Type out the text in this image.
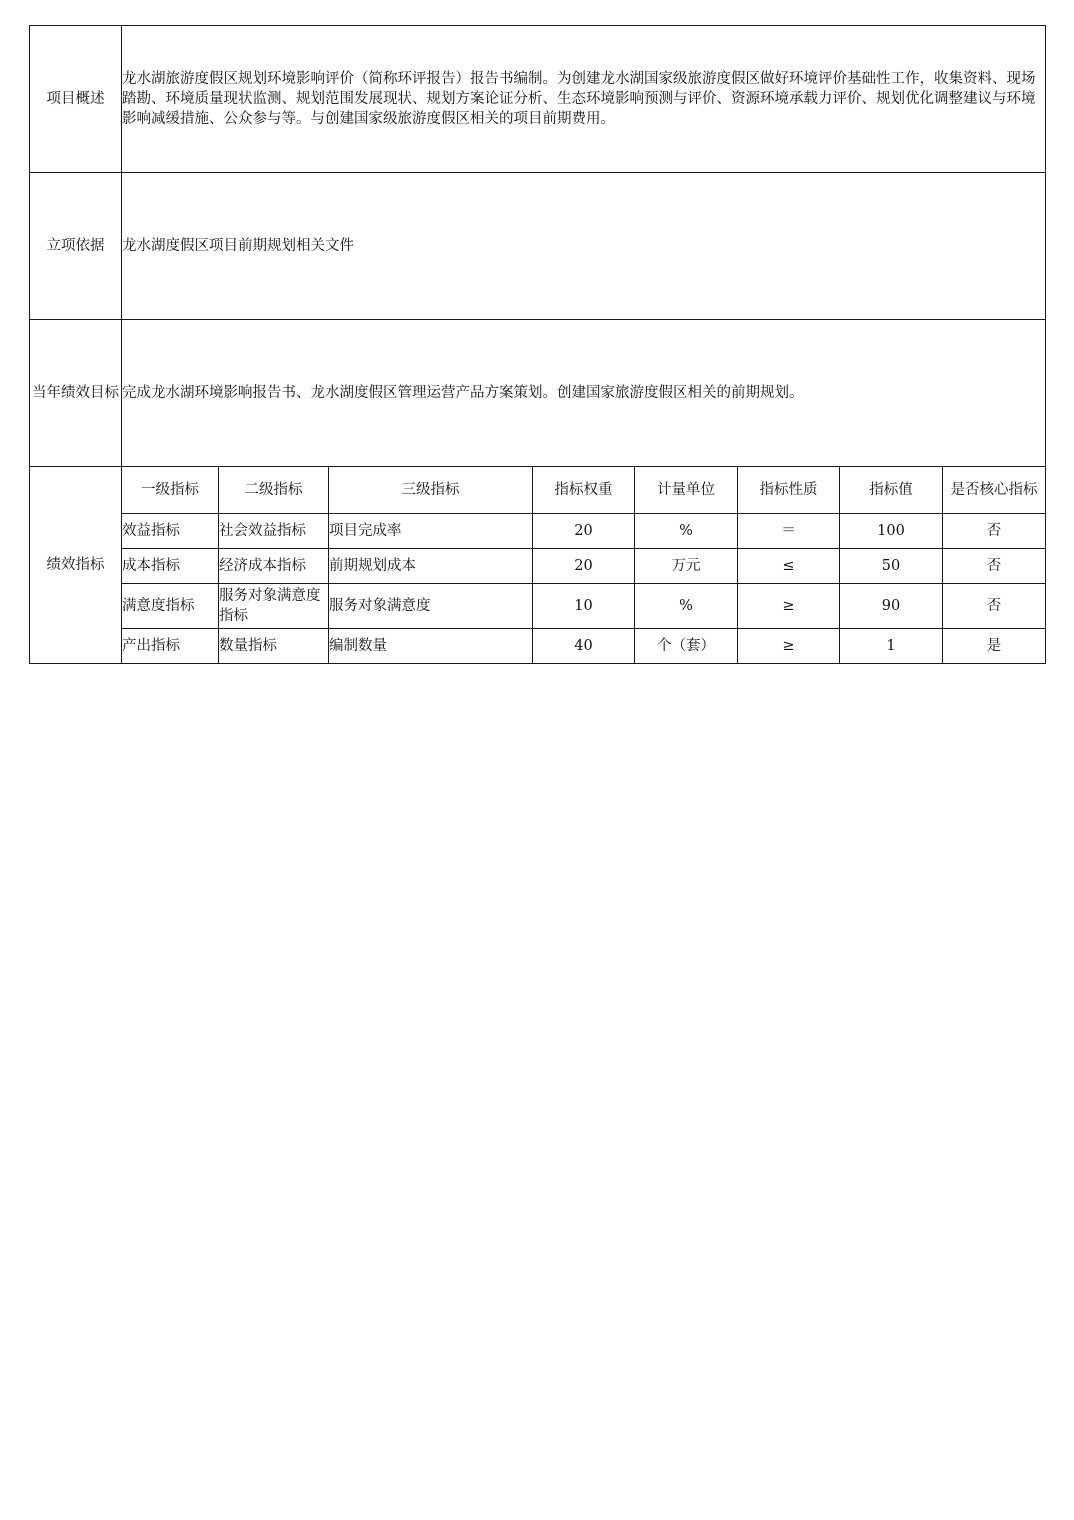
项目概述	龙水湖旅游度假区规划环境影响评价（简称环评报告）报告书编制。为创建龙水湖国家级旅游度假区做好环境评价基础性工作，收集资料、现场踏勘、环境质量现状监测、规划范围发展现状、规划方案论证分析、生态环境影响预测与评价、资源环境承载力评价、规划优化调整建议与环境影响减缓措施、公众参与等。与创建国家级旅游度假区相关的项目前期费用。							
立项依据	龙水湖度假区项目前期规划相关文件							
当年绩效目标	完成龙水湖环境影响报告书、龙水湖度假区管理运营产品方案策划。创建国家旅游度假区相关的前期规划。							
绩效指标	一级指标	二级指标	三级指标	指标权重	计量单位	指标性质	指标值	是否核心指标
	效益指标	社会效益指标	项目完成率	20	%	＝	100	否
	成本指标	经济成本指标	前期规划成本	20	万元	≤	50	否
	满意度指标	服务对象满意度指标	服务对象满意度	10	%	≥	90	否
	产出指标	数量指标	编制数量	40	个（套）	≥	1	是
